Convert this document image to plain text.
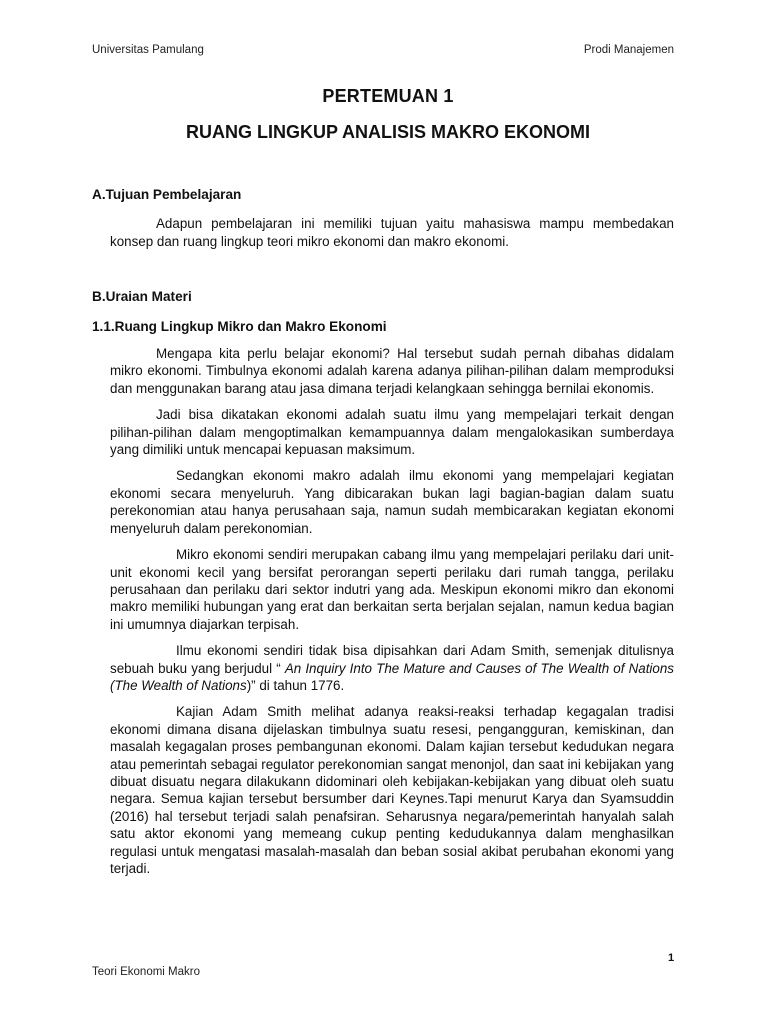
Universitas Pamulang	Prodi Manajemen

PERTEMUAN 1

RUANG LINGKUP ANALISIS MAKRO EKONOMI

A.Tujuan Pembelajaran

Adapun pembelajaran ini memiliki tujuan yaitu mahasiswa mampu membedakan konsep dan ruang lingkup teori mikro ekonomi dan makro ekonomi.

B.Uraian Materi

1.1.Ruang Lingkup Mikro dan Makro Ekonomi

Mengapa kita perlu belajar ekonomi? Hal tersebut sudah pernah dibahas didalam mikro ekonomi. Timbulnya ekonomi adalah karena adanya pilihan-pilihan dalam memproduksi dan menggunakan barang atau jasa dimana terjadi kelangkaan sehingga bernilai ekonomis.

Jadi bisa dikatakan ekonomi adalah suatu ilmu yang mempelajari terkait dengan pilihan-pilihan dalam mengoptimalkan kemampuannya dalam mengalokasikan sumberdaya yang dimiliki untuk mencapai kepuasan maksimum.

Sedangkan ekonomi makro adalah ilmu ekonomi yang mempelajari kegiatan ekonomi secara menyeluruh. Yang dibicarakan bukan lagi bagian-bagian dalam suatu perekonomian atau hanya perusahaan saja, namun sudah membicarakan kegiatan ekonomi menyeluruh dalam perekonomian.

Mikro ekonomi sendiri merupakan cabang ilmu yang mempelajari perilaku dari unit-unit ekonomi kecil yang bersifat perorangan seperti perilaku dari rumah tangga, perilaku perusahaan dan perilaku dari sektor indutri yang ada. Meskipun ekonomi mikro dan ekonomi makro memiliki hubungan yang erat dan berkaitan serta berjalan sejalan, namun kedua bagian ini umumnya diajarkan terpisah.

Ilmu ekonomi sendiri tidak bisa dipisahkan dari Adam Smith, semenjak ditulisnya sebuah buku yang berjudul “ An Inquiry Into The Mature and Causes of The Wealth of Nations (The Wealth of Nations)” di tahun 1776.

Kajian Adam Smith melihat adanya reaksi-reaksi terhadap kegagalan tradisi ekonomi dimana disana dijelaskan timbulnya suatu resesi, pengangguran, kemiskinan, dan masalah kegagalan proses pembangunan ekonomi. Dalam kajian tersebut kedudukan negara atau pemerintah sebagai regulator perekonomian sangat menonjol, dan saat ini kebijakan yang dibuat disuatu negara dilakukann didominari oleh kebijakan-kebijakan yang dibuat oleh suatu negara. Semua kajian tersebut bersumber dari Keynes.Tapi menurut Karya dan Syamsuddin (2016) hal tersebut terjadi salah penafsiran. Seharusnya negara/pemerintah hanyalah salah satu aktor ekonomi yang memeang cukup penting kedudukannya dalam menghasilkan regulasi untuk mengatasi masalah-masalah dan beban sosial akibat perubahan ekonomi yang terjadi.

1
Teori Ekonomi Makro
